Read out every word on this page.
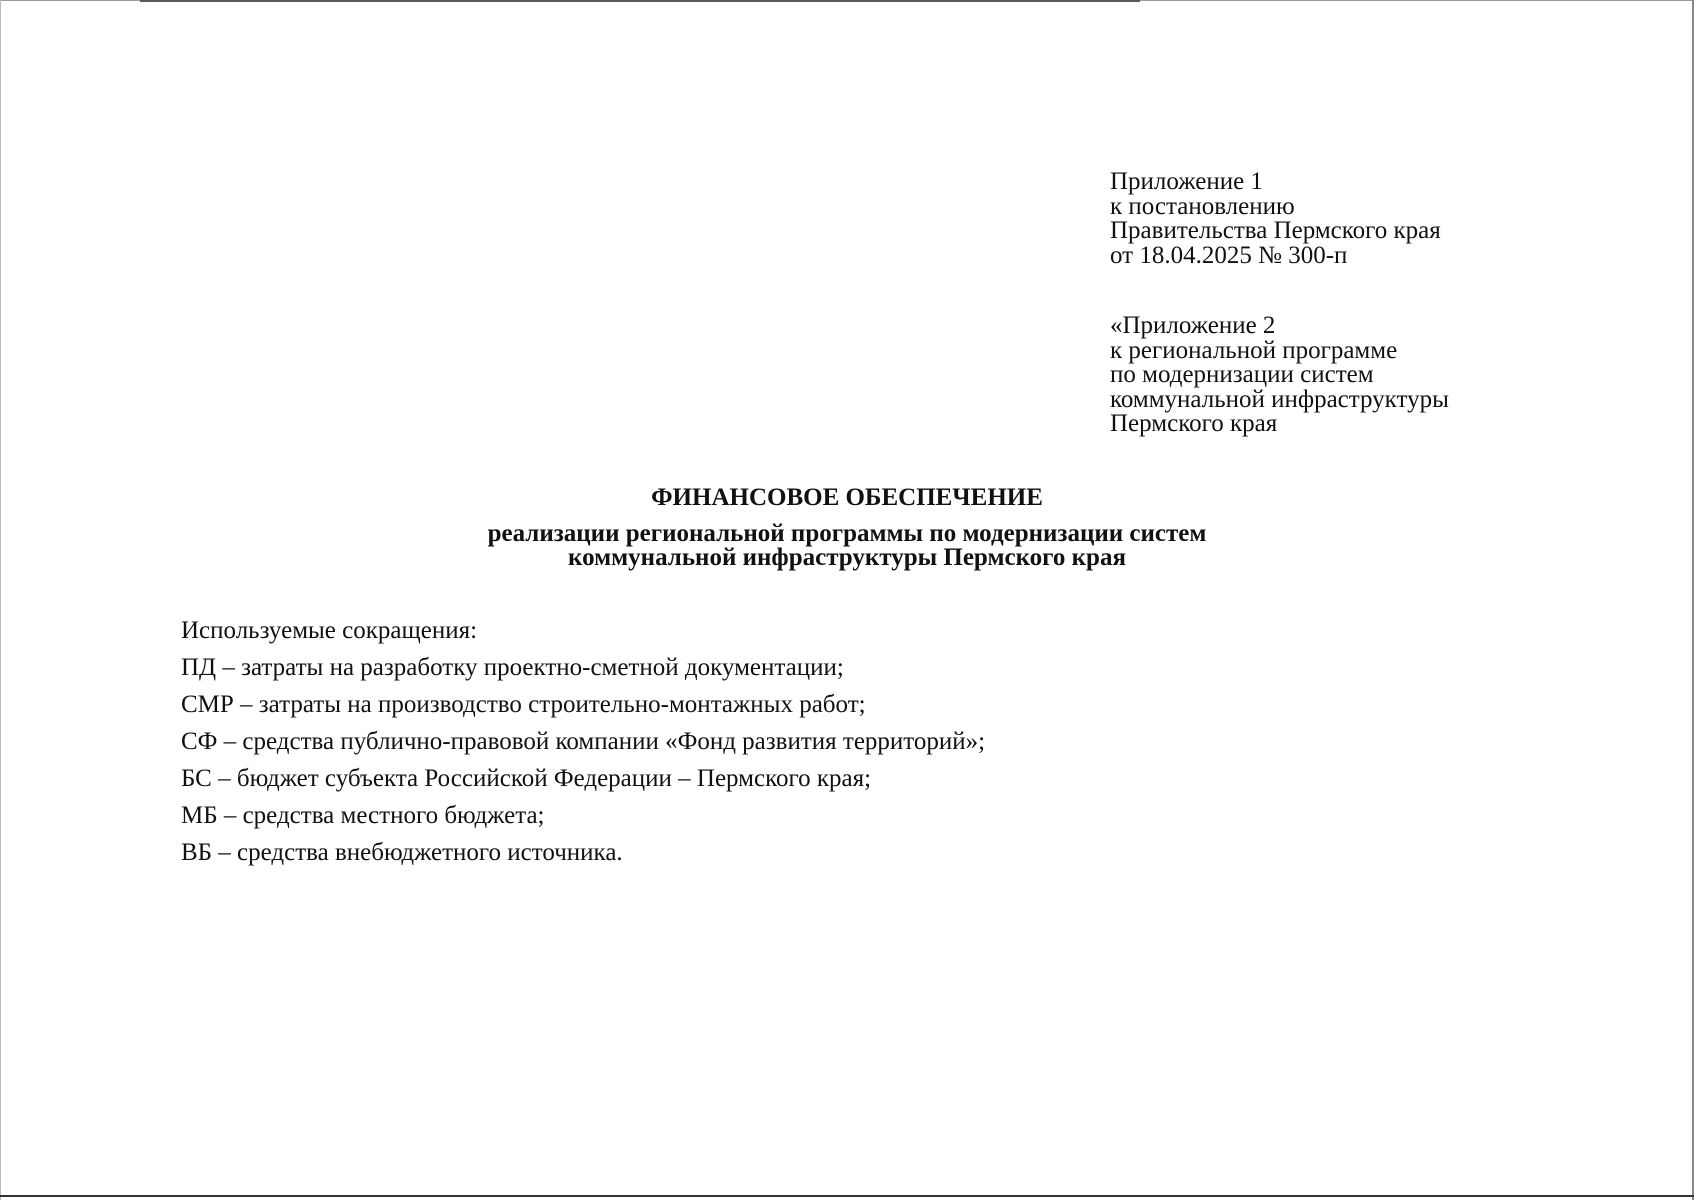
Приложение 1
к постановлению
Правительства Пермского края
от 18.04.2025 № 300-п
«Приложение 2
к региональной программе
по модернизации систем
коммунальной инфраструктуры
Пермского края
ФИНАНСОВОЕ ОБЕСПЕЧЕНИЕ
реализации региональной программы по модернизации систем
коммунальной инфраструктуры Пермского края
Используемые сокращения:
ПД – затраты на разработку проектно-сметной документации;
СМР – затраты на производство строительно-монтажных работ;
СФ – средства публично-правовой компании «Фонд развития территорий»;
БС – бюджет субъекта Российской Федерации – Пермского края;
МБ – средства местного бюджета;
ВБ – средства внебюджетного источника.
